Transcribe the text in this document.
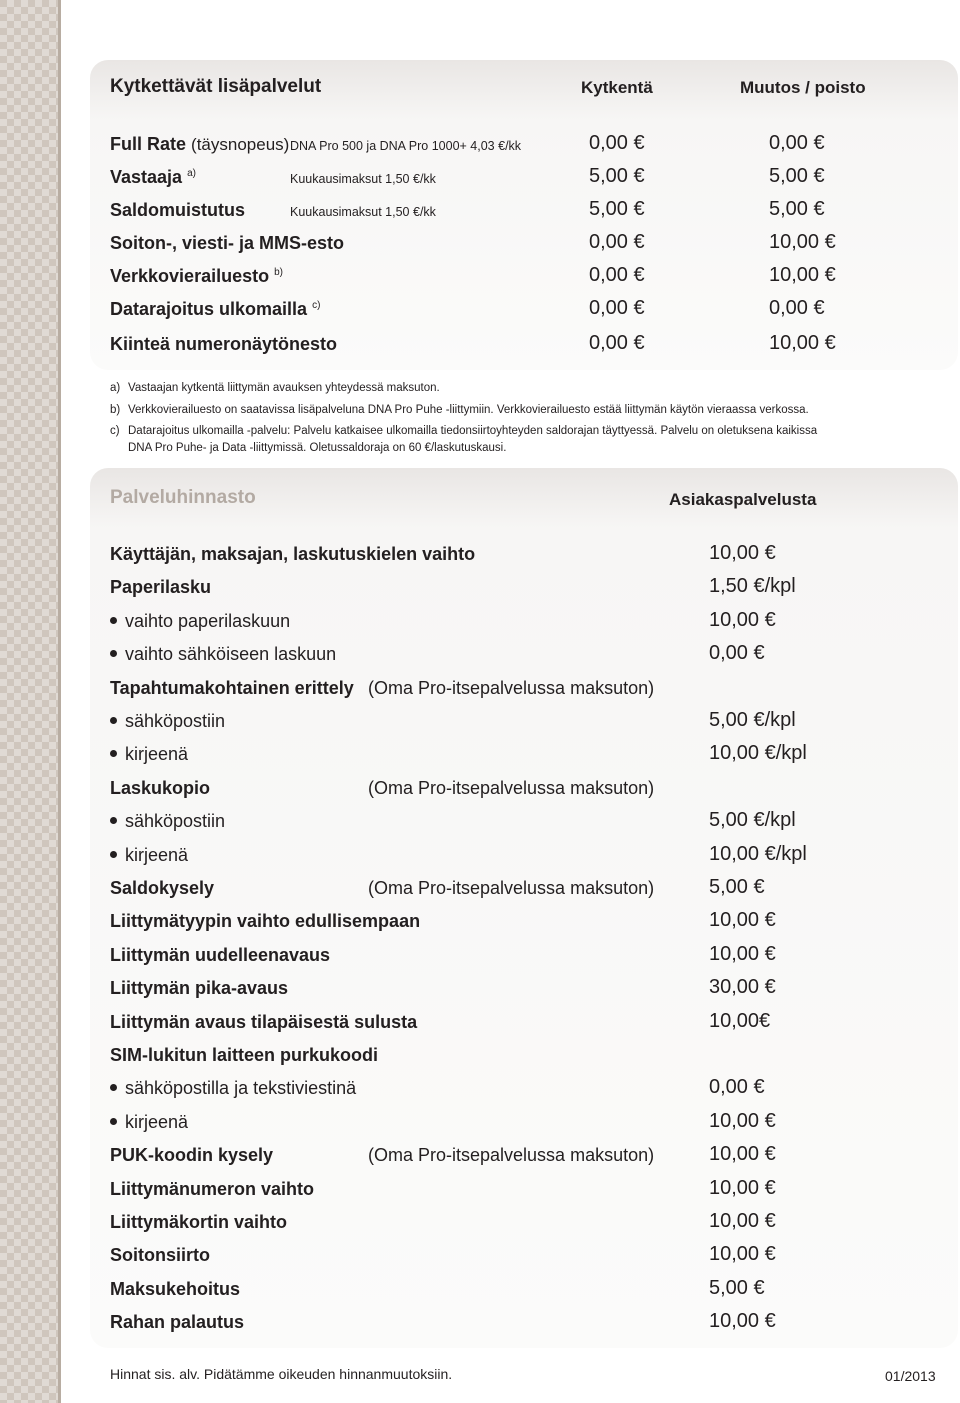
Kytkettävät lisäpalvelut	Kytkentä	Muutos / poisto
Full Rate (täysnopeus) DNA Pro 500 ja DNA Pro 1000+ 4,03 €/kk	0,00 €	0,00 €
Vastaaja $^{a)}$	Kuukausimaksut 1,50 €/kk	5,00 €	5,00 €
Saldomuistutus	Kuukausimaksut 1,50 €/kk	5,00 €	5,00 €
Soiton-, viesti- ja MMS-esto	0,00 €	10,00 €
Verkkovierailuesto $^{b)}$	0,00 €	10,00 €
Datarajoitus ulkomailla $^{c)}$	0,00 €	0,00 €
Kiinteä numeronäytönesto	0,00 €	10,00 €
a) Vastaajan kytkentä liittymän avauksen yhteydessä maksuton.
b) Verkkovierailuesto on saatavissa lisäpalveluna DNA Pro Puhe -liittymiin. Verkkovierailuesto estää liittymän käytön vieraassa verkossa.
c) Datarajoitus ulkomailla -palvelu: Palvelu katkaisee ulkomailla tiedonsiirtoyhteyden saldorajan täyttyessä. Palvelu on oletuksena kaikissa
DNA Pro Puhe- ja Data -liittymissä. Oletussaldoraja on 60 €/laskutuskausi.
Palveluhinnasto	Asiakaspalvelusta
Käyttäjän, maksajan, laskutuskielen vaihto	10,00 €
Paperilasku	1,50 €/kpl
vaihto paperilaskuun	10,00 €
vaihto sähköiseen laskuun	0,00 €
Tapahtumakohtainen erittely (Oma Pro-itsepalvelussa maksuton)
sähköpostiin	5,00 €/kpl
kirjeenä	10,00 €/kpl
Laskukopio	(Oma Pro-itsepalvelussa maksuton)
sähköpostiin	5,00 €/kpl
kirjeenä	10,00 €/kpl
Saldokysely	(Oma Pro-itsepalvelussa maksuton)	5,00 €
Liittymätyypin vaihto edullisempaan	10,00 €
Liittymän uudelleenavaus	10,00 €
Liittymän pika-avaus	30,00 €
Liittymän avaus tilapäisestä sulusta	10,00€
SIM-lukitun laitteen purkukoodi
sähköpostilla ja tekstiviestinä	0,00 €
kirjeenä	10,00 €
PUK-koodin kysely	(Oma Pro-itsepalvelussa maksuton)	10,00 €
Liittymänumeron vaihto	10,00 €
Liittymäkortin vaihto	10,00 €
Soitonsiirto	10,00 €
Maksukehoitus	5,00 €
Rahan palautus	10,00 €
Hinnat sis. alv. Pidätämme oikeuden hinnanmuutoksiin.	01/2013
